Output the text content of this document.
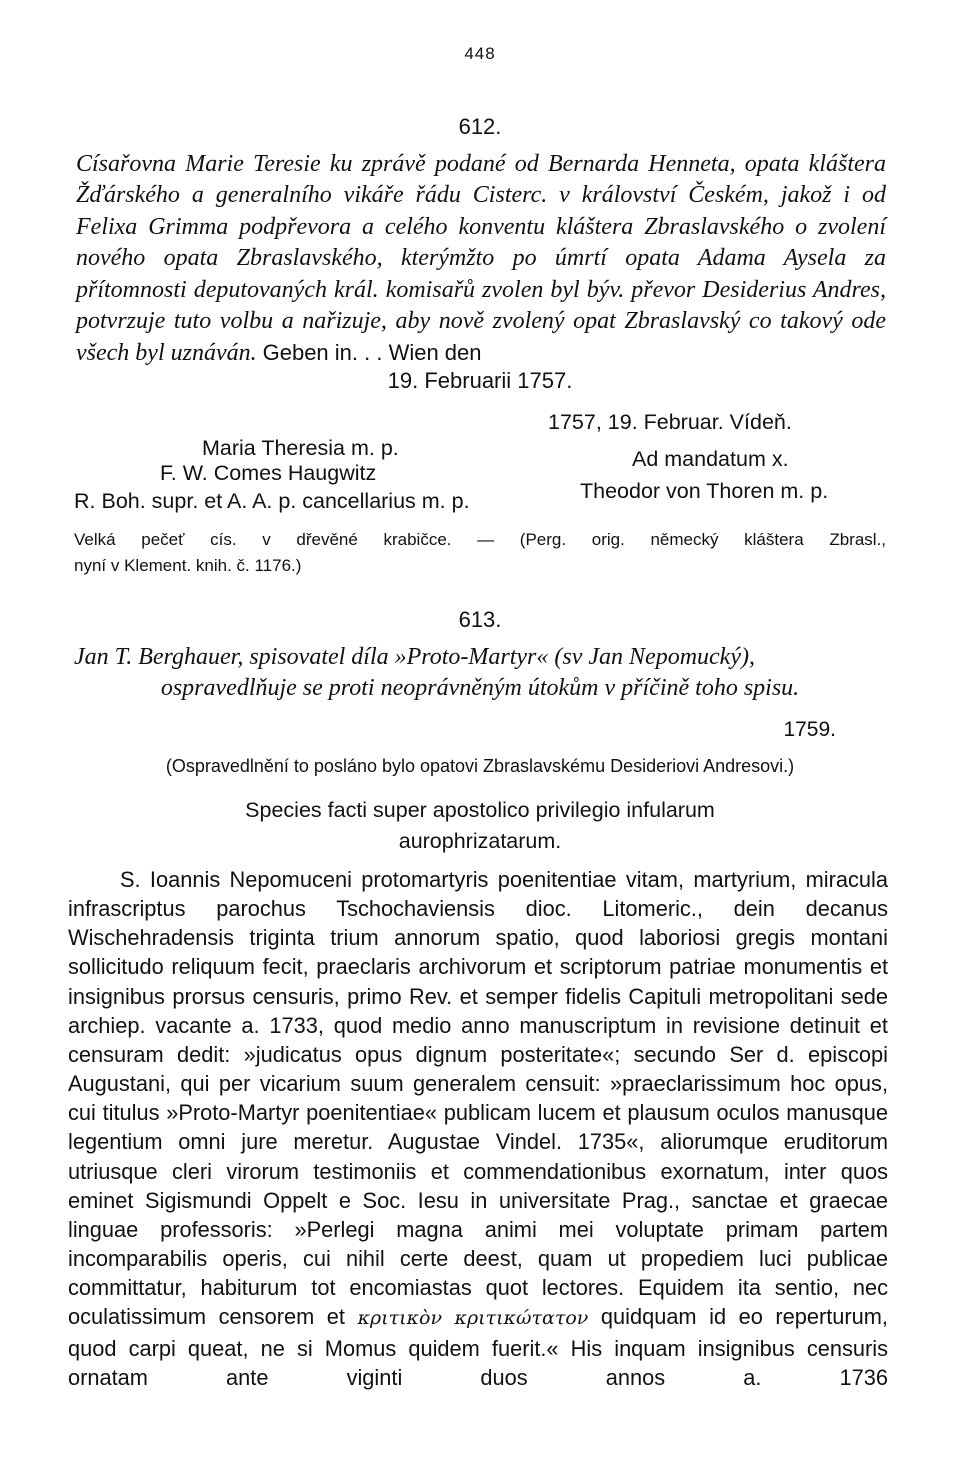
448
612.
Císařovna Marie Teresie ku zprávě podané od Bernarda Henneta, opata kláštera Žďárského a generalního vikáře řádu Cisterc. v království Českém, jakož i od Felixa Grimma podpřevora a celého konventu kláštera Zbraslavského o zvolení nového opata Zbraslavského, kterýmžto po úmrtí opata Adama Aysela za přítomnosti deputovaných král. komisařů zvolen byl býv. převor Desiderius Andres, potvrzuje tuto volbu a nařizuje, aby nově zvolený opat Zbraslavský co takový ode všech byl uznáván. Geben in. . . Wien den
19. Februarii 1757.
1757, 19. Februar. Vídeň.
Maria Theresia m. p.
F. W. Comes Haugwitz
R. Boh. supr. et A. A. p. cancellarius m. p.
Ad mandatum x.
Theodor von Thoren m. p.
Velká pečeť cís. v dřevěné krabičce. — (Perg. orig. německý kláštera Zbrasl.,
nyní v Klement. knih. č. 1176.)
613.
Jan T. Berghauer, spisovatel díla »Proto-Martyr« (sv Jan Nepomucký),
ospravedlňuje se proti neoprávněným útokům v příčině toho spisu.
1759.
(Ospravedlnění to posláno bylo opatovi Zbraslavskému Desideriovi Andresovi.)
Species facti super apostolico privilegio infularum aurophrizatarum.
S. Ioannis Nepomuceni protomartyris poenitentiae vitam, martyrium, miracula infrascriptus parochus Tschochaviensis dioc. Litomeric., dein decanus Wischehradensis triginta trium annorum spatio, quod laboriosi gregis montani sollicitudo reliquum fecit, praeclaris archivorum et scriptorum patriae monumentis et insignibus prorsus censuris, primo Rev. et semper fidelis Capituli metropolitani sede archiep. vacante a. 1733, quod medio anno manuscriptum in revisione detinuit et censuram dedit: »judicatus opus dignum posteritate«; secundo Ser d. episcopi Augustani, qui per vicarium suum generalem censuit: »praeclarissimum hoc opus, cui titulus »Proto-Martyr poenitentiae« publicam lucem et plausum oculos manusque legentium omni jure meretur. Augustae Vindel. 1735«, aliorumque eruditorum utriusque cleri virorum testimoniis et commendationibus exornatum, inter quos eminet Sigismundi Oppelt e Soc. Iesu in universitate Prag., sanctae et graecae linguae professoris: »Perlegi magna animi mei voluptate primam partem incomparabilis operis, cui nihil certe deest, quam ut propediem luci publicae committatur, habiturum tot encomiastas quot lectores. Equidem ita sentio, nec oculatissimum censorem et κριτικὸν κριτικώτατον quidquam id eo reperturum, quod carpi queat, ne si Momus quidem fuerit.« His inquam insignibus censuris ornatam ante viginti duos annos a. 1736
